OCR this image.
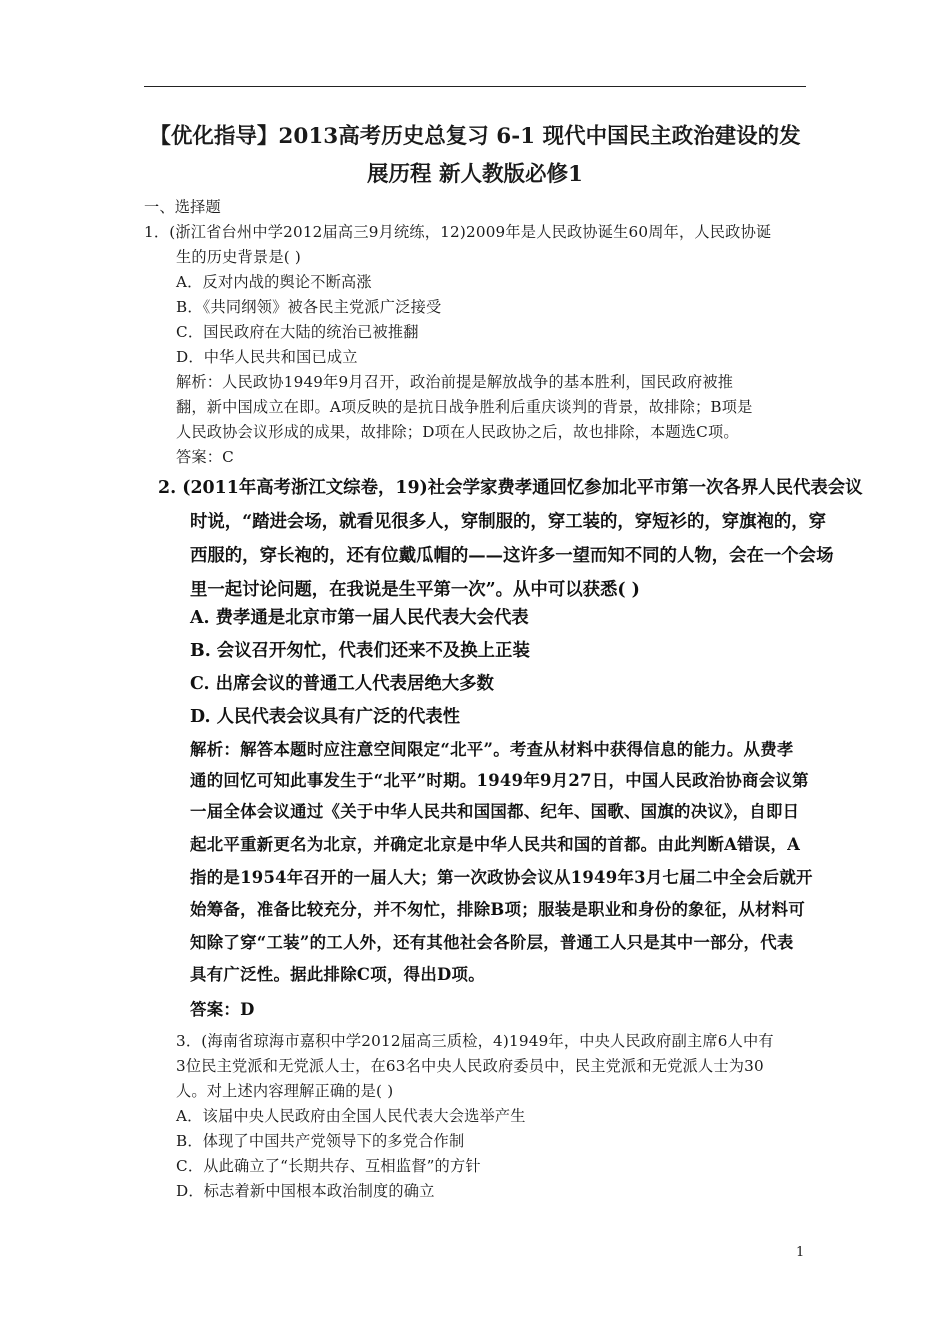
【优化指导】2013高考历史总复习 6-1 现代中国民主政治建设的发
展历程 新人教版必修1
一、选择题
1．(浙江省台州中学2012届高三9月统练，12)2009年是人民政协诞生60周年，人民政协诞
生的历史背景是( )
A．反对内战的舆论不断高涨
B．《共同纲领》被各民主党派广泛接受
C．国民政府在大陆的统治已被推翻
D．中华人民共和国已成立
解析：人民政协1949年9月召开，政治前提是解放战争的基本胜利，国民政府被推
翻，新中国成立在即。A项反映的是抗日战争胜利后重庆谈判的背景，故排除；B项是
人民政协会议形成的成果，故排除；D项在人民政协之后，故也排除，本题选C项。
答案：C
2. (2011年高考浙江文综卷，19)社会学家费孝通回忆参加北平市第一次各界人民代表会议
时说，“踏进会场，就看见很多人，穿制服的，穿工装的，穿短衫的，穿旗袍的，穿
西服的，穿长袍的，还有位戴瓜帽的——这许多一望而知不同的人物，会在一个会场
里一起讨论问题，在我说是生平第一次”。从中可以获悉( )
A. 费孝通是北京市第一届人民代表大会代表
B. 会议召开匆忙，代表们还来不及换上正装
C. 出席会议的普通工人代表居绝大多数
D. 人民代表会议具有广泛的代表性
解析：解答本题时应注意空间限定“北平”。考查从材料中获得信息的能力。从费孝
通的回忆可知此事发生于“北平”时期。1949年9月27日，中国人民政治协商会议第
一届全体会议通过《关于中华人民共和国国都、纪年、国歌、国旗的决议》，自即日
起北平重新更名为北京，并确定北京是中华人民共和国的首都。由此判断A错误，A
指的是1954年召开的一届人大；第一次政协会议从1949年3月七届二中全会后就开
始筹备，准备比较充分，并不匆忙，排除B项；服装是职业和身份的象征，从材料可
知除了穿“工装”的工人外，还有其他社会各阶层，普通工人只是其中一部分，代表
具有广泛性。据此排除C项，得出D项。
答案：D
3．(海南省琼海市嘉积中学2012届高三质检，4)1949年，中央人民政府副主席6人中有
3位民主党派和无党派人士，在63名中央人民政府委员中，民主党派和无党派人士为30
人。对上述内容理解正确的是( )
A．该届中央人民政府由全国人民代表大会选举产生
B．体现了中国共产党领导下的多党合作制
C．从此确立了“长期共存、互相监督”的方针
D．标志着新中国根本政治制度的确立
1
